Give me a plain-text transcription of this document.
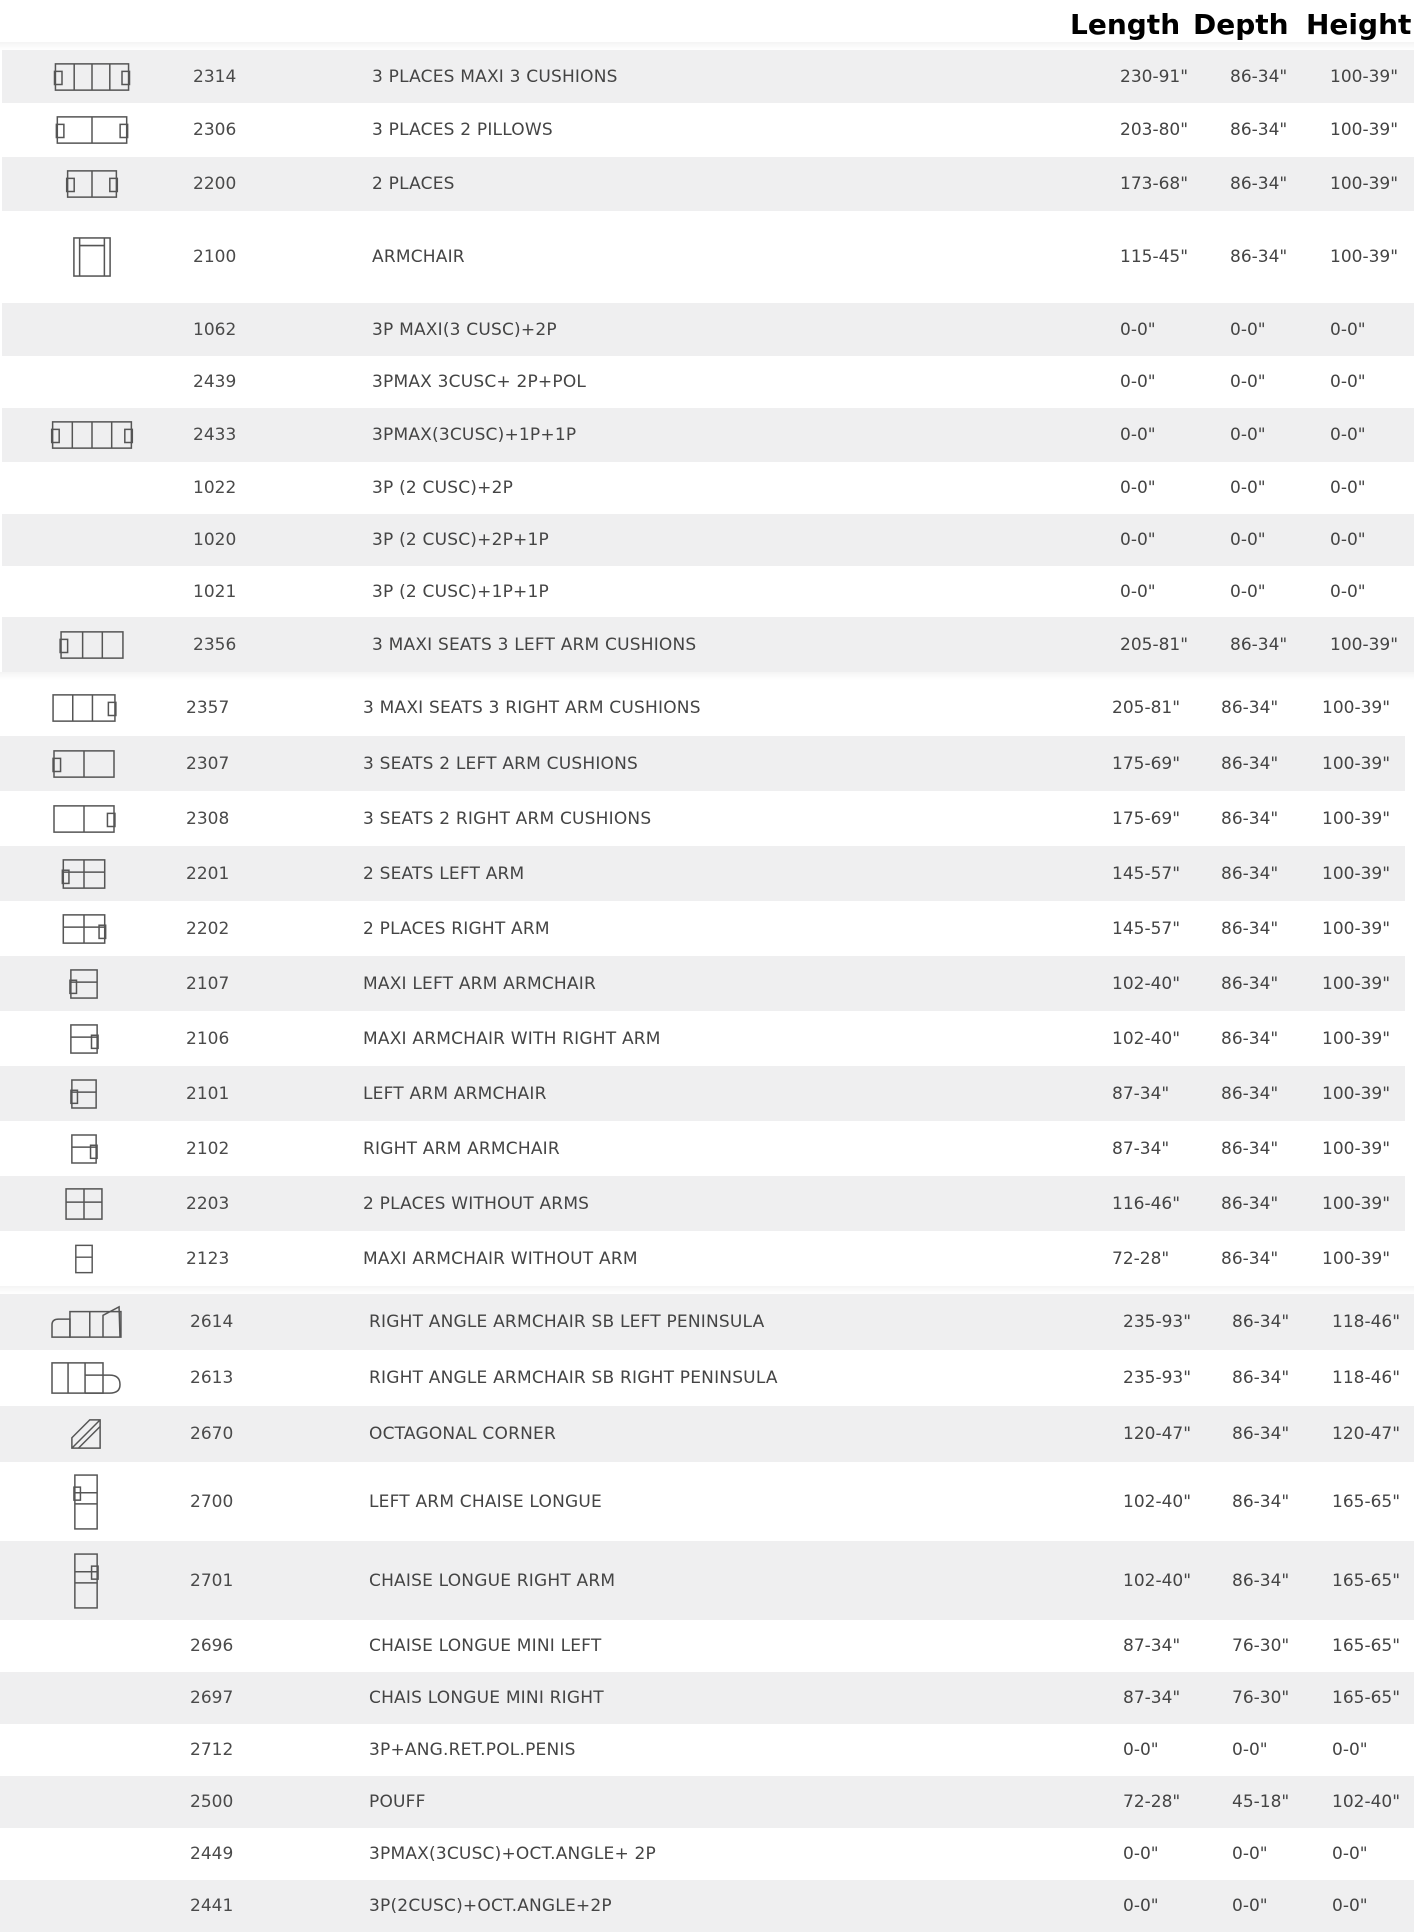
Length Depth Height
2314	3 PLACES MAXI 3 CUSHIONS	230-91" 86-34"	100-39"
2306	3 PLACES 2 PILLOWS	203-80" 86-34"	100-39"
2200	2 PLACES	173-68" 86-34"	100-39"
2100	ARMCHAIR	115-45" 86-34"	100-39"
1062	3P MAXI(3 CUSC)+2P	0-0"	0-0"	0-0"
2439	3PMAX 3CUSC+ 2P+POL	0-0"	0-0"	0-0"
2433	3PMAX(3CUSC)+1P+1P	0-0"	0-0"	0-0"
1022	3P (2 CUSC)+2P	0-0"	0-0"	0-0"
1020	3P (2 CUSC)+2P+1P	0-0"	0-0"	0-0"
1021	3P (2 CUSC)+1P+1P	0-0"	0-0"	0-0"
2356	3 MAXI SEATS 3 LEFT ARM CUSHIONS	205-81" 86-34"	100-39"
2357	3 MAXI SEATS 3 RIGHT ARM CUSHIONS	205-81" 86-34"	100-39"
2307	3 SEATS 2 LEFT ARM CUSHIONS	175-69" 86-34"	100-39"
2308	3 SEATS 2 RIGHT ARM CUSHIONS	175-69" 86-34"	100-39"
2201	2 SEATS LEFT ARM	145-57" 86-34"	100-39"
2202	2 PLACES RIGHT ARM	145-57" 86-34"	100-39"
2107	MAXI LEFT ARM ARMCHAIR	102-40" 86-34"	100-39"
2106	MAXI ARMCHAIR WITH RIGHT ARM	102-40" 86-34"	100-39"
2101	LEFT ARM ARMCHAIR	87-34"	86-34"	100-39"
2102	RIGHT ARM ARMCHAIR	87-34"	86-34"	100-39"
2203	2 PLACES WITHOUT ARMS	116-46" 86-34"	100-39"
2123	MAXI ARMCHAIR WITHOUT ARM	72-28"	86-34"	100-39"
2614	RIGHT ANGLE ARMCHAIR SB LEFT PENINSULA	235-93" 86-34"	118-46"
2613	RIGHT ANGLE ARMCHAIR SB RIGHT PENINSULA	235-93" 86-34"	118-46"
2670	OCTAGONAL CORNER	120-47" 86-34"	120-47"
2700	LEFT ARM CHAISE LONGUE	102-40" 86-34"	165-65"
2701	CHAISE LONGUE RIGHT ARM	102-40" 86-34"	165-65"
2696	CHAISE LONGUE MINI LEFT	87-34"	76-30"	165-65"
2697	CHAIS LONGUE MINI RIGHT	87-34"	76-30"	165-65"
2712	3P+ANG.RET.POL.PENIS	0-0"	0-0"	0-0"
2500	POUFF	72-28"	45-18"	102-40"
2449	3PMAX(3CUSC)+OCT.ANGLE+ 2P	0-0"	0-0"	0-0"
2441	3P(2CUSC)+OCT.ANGLE+2P	0-0"	0-0"	0-0"
